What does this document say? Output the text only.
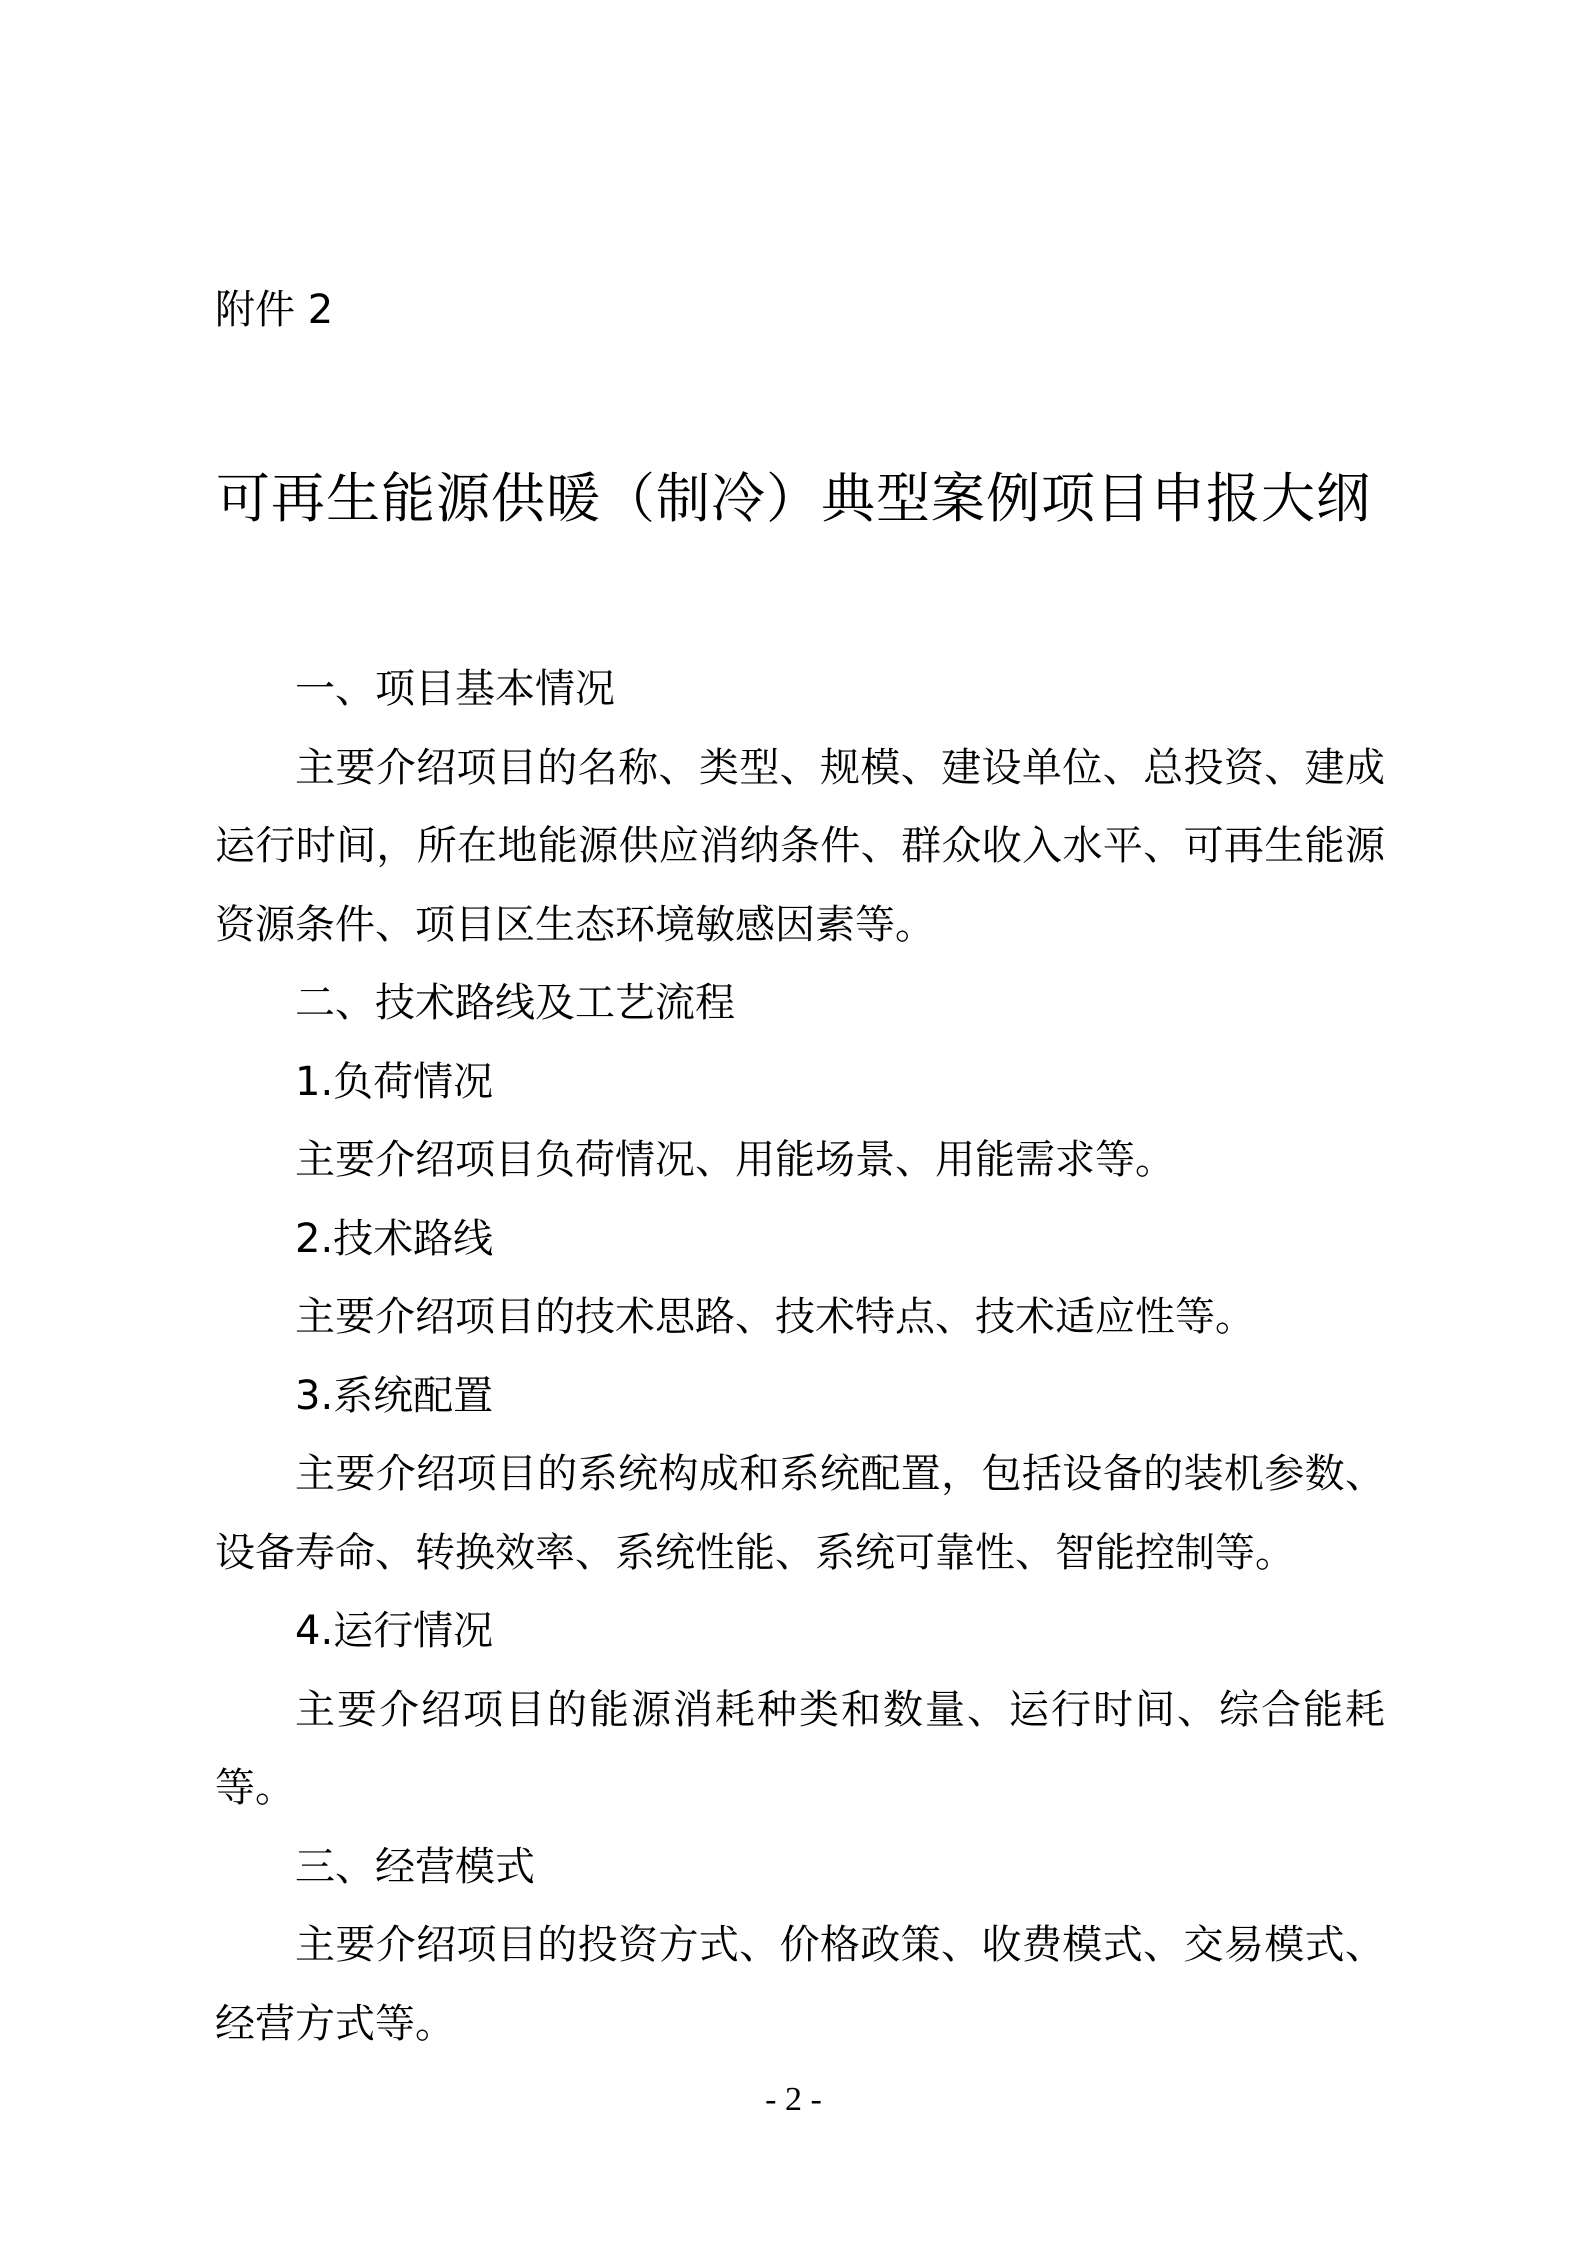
附件 2
可再生能源供暖（制冷）典型案例项目申报大纲

一、项目基本情况

主要介绍项目的名称、类型、规模、建设单位、总投资、建成运行时间，所在地能源供应消纳条件、群众收入水平、可再生能源资源条件、项目区生态环境敏感因素等。

二、技术路线及工艺流程

1.负荷情况

主要介绍项目负荷情况、用能场景、用能需求等。

2.技术路线

主要介绍项目的技术思路、技术特点、技术适应性等。

3.系统配置

主要介绍项目的系统构成和系统配置，包括设备的装机参数、设备寿命、转换效率、系统性能、系统可靠性、智能控制等。

4.运行情况

主要介绍项目的能源消耗种类和数量、运行时间、综合能耗等。

三、经营模式

主要介绍项目的投资方式、价格政策、收费模式、交易模式、经营方式等。

- 2 -
